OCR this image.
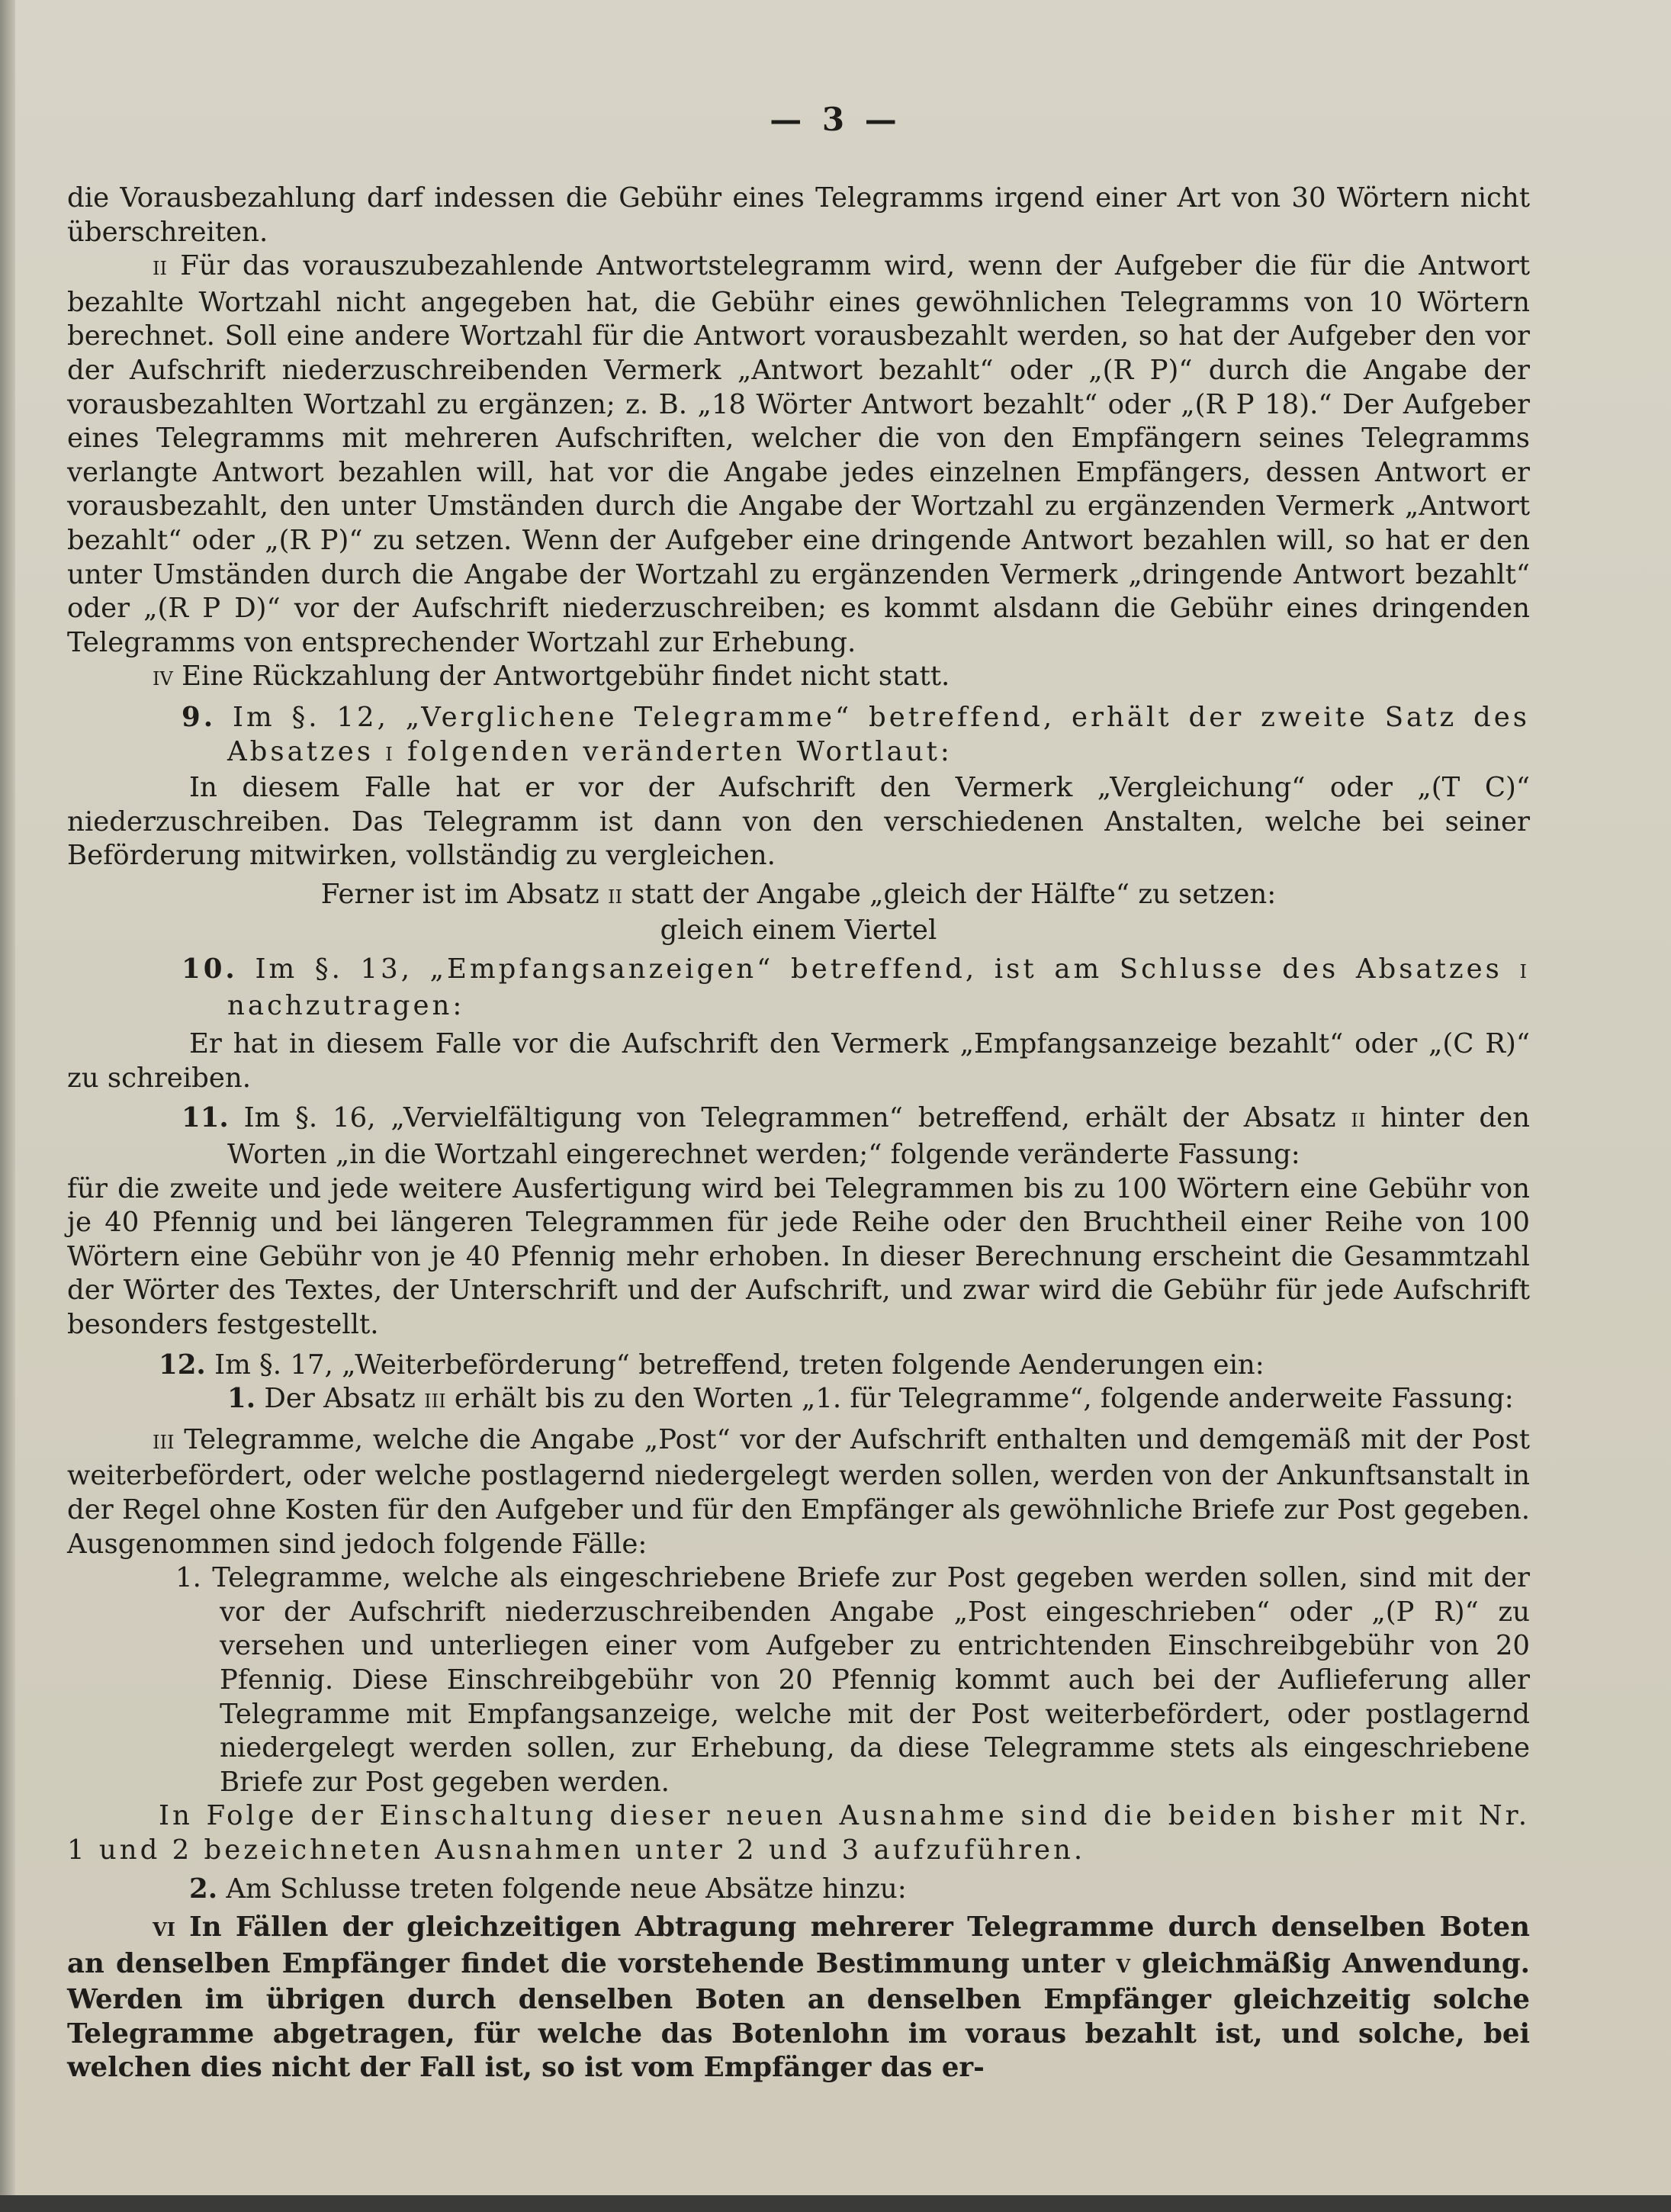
— 3 —

die Vorausbezahlung darf indessen die Gebühr eines Telegramms irgend einer Art von 30 Wörtern nicht überschreiten.

II Für das vorauszubezahlende Antwortstelegramm wird, wenn der Aufgeber die für die Antwort bezahlte Wortzahl nicht angegeben hat, die Gebühr eines gewöhnlichen Telegramms von 10 Wörtern berechnet. Soll eine andere Wortzahl für die Antwort vorausbezahlt werden, so hat der Aufgeber den vor der Aufschrift niederzuschreibenden Vermerk „Antwort bezahlt“ oder „(R P)“ durch die Angabe der vorausbezahlten Wortzahl zu ergänzen; z. B. „18 Wörter Antwort bezahlt“ oder „(R P 18).“ Der Aufgeber eines Telegramms mit mehreren Aufschriften, welcher die von den Empfängern seines Telegramms verlangte Antwort bezahlen will, hat vor die Angabe jedes einzelnen Empfängers, dessen Antwort er vorausbezahlt, den unter Umständen durch die Angabe der Wortzahl zu ergänzenden Vermerk „Antwort bezahlt“ oder „(R P)“ zu setzen. Wenn der Aufgeber eine dringende Antwort bezahlen will, so hat er den unter Umständen durch die Angabe der Wortzahl zu ergänzenden Vermerk „dringende Antwort bezahlt“ oder „(R P D)“ vor der Aufschrift niederzuschreiben; es kommt alsdann die Gebühr eines dringenden Telegramms von entsprechender Wortzahl zur Erhebung.

IV Eine Rückzahlung der Antwortgebühr findet nicht statt.

9. Im §. 12, „Verglichene Telegramme“ betreffend, erhält der zweite Satz des Absatzes I folgenden veränderten Wortlaut:

In diesem Falle hat er vor der Aufschrift den Vermerk „Vergleichung“ oder „(T C)“ niederzuschreiben. Das Telegramm ist dann von den verschiedenen Anstalten, welche bei seiner Beförderung mitwirken, vollständig zu vergleichen.

Ferner ist im Absatz II statt der Angabe „gleich der Hälfte“ zu setzen:

gleich einem Viertel

10. Im §. 13, „Empfangsanzeigen“ betreffend, ist am Schlusse des Absatzes I nachzutragen:

Er hat in diesem Falle vor die Aufschrift den Vermerk „Empfangsanzeige bezahlt“ oder „(C R)“ zu schreiben.

11. Im §. 16, „Vervielfältigung von Telegrammen“ betreffend, erhält der Absatz II hinter den Worten „in die Wortzahl eingerechnet werden;“ folgende veränderte Fassung:

für die zweite und jede weitere Ausfertigung wird bei Telegrammen bis zu 100 Wörtern eine Gebühr von je 40 Pfennig und bei längeren Telegrammen für jede Reihe oder den Bruchtheil einer Reihe von 100 Wörtern eine Gebühr von je 40 Pfennig mehr erhoben. In dieser Berechnung erscheint die Gesammtzahl der Wörter des Textes, der Unterschrift und der Aufschrift, und zwar wird die Gebühr für jede Aufschrift besonders festgestellt.

12. Im §. 17, „Weiterbeförderung“ betreffend, treten folgende Aenderungen ein:

1. Der Absatz III erhält bis zu den Worten „1. für Telegramme“, folgende anderweite Fassung:

III Telegramme, welche die Angabe „Post“ vor der Aufschrift enthalten und demgemäß mit der Post weiterbefördert, oder welche postlagernd niedergelegt werden sollen, werden von der Ankunftsanstalt in der Regel ohne Kosten für den Aufgeber und für den Empfänger als gewöhnliche Briefe zur Post gegeben. Ausgenommen sind jedoch folgende Fälle:

1. Telegramme, welche als eingeschriebene Briefe zur Post gegeben werden sollen, sind mit der vor der Aufschrift niederzuschreibenden Angabe „Post eingeschrieben“ oder „(P R)“ zu versehen und unterliegen einer vom Aufgeber zu entrichtenden Einschreibgebühr von 20 Pfennig. Diese Einschreibgebühr von 20 Pfennig kommt auch bei der Auflieferung aller Telegramme mit Empfangsanzeige, welche mit der Post weiterbefördert, oder postlagernd niedergelegt werden sollen, zur Erhebung, da diese Telegramme stets als eingeschriebene Briefe zur Post gegeben werden.

In Folge der Einschaltung dieser neuen Ausnahme sind die beiden bisher mit Nr. 1 und 2 bezeichneten Ausnahmen unter 2 und 3 aufzuführen.

2. Am Schlusse treten folgende neue Absätze hinzu:

VI In Fällen der gleichzeitigen Abtragung mehrerer Telegramme durch denselben Boten an denselben Empfänger findet die vorstehende Bestimmung unter V gleichmäßig Anwendung. Werden im übrigen durch denselben Boten an denselben Empfänger gleichzeitig solche Telegramme abgetragen, für welche das Botenlohn im voraus bezahlt ist, und solche, bei welchen dies nicht der Fall ist, so ist vom Empfänger das er-
